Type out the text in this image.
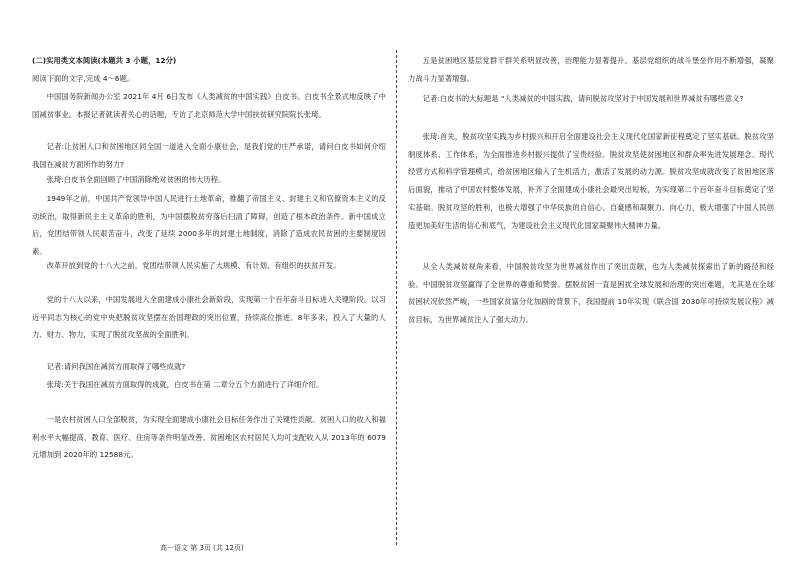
(二)实用类文本阅读(本题共 3 小题，12分)

阅读下面的文字,完成 4～6题。

中国国务院新闻办公室 2021年 4月 6日发布《人类减贫的中国实践》白皮书。白皮书全景式地反映了中国减贫事业。本报记者就读者关心的话题，专访了北京师范大学中国扶贫研究院院长张琦。

记者:让贫困人口和贫困地区同全国一道进入全面小康社会，是我们党的庄严承诺，请问白皮书如何介绍我国在减贫方面所作的努力?

张琦:白皮书全面回顾了中国消除绝对贫困的伟大历程。

1949年之前，中国共产党领导中国人民进行土地革命，推翻了帝国主义、封建主义和官僚资本主义的反动统治，取得新民主主义革命的胜利，为中国摆脱贫穷落后扫清了障碍，创造了根本政治条件。新中国成立后，党团结带领人民艰苦奋斗，改变了延续 2000多年的封建土地制度，消除了造成农民贫困的主要制度因素。

改革开放到党的十八大之前，党团结带领人民实施了大规模、有计划、有组织的扶贫开发。

党的十八大以来，中国发展进入全面建成小康社会新阶段，实现第一个百年奋斗目标进入关键阶段。以习近平同志为核心的党中央把脱贫攻坚摆在治国理政的突出位置，持续高位推进。8年多来，投入了大量的人力、财力、物力，实现了脱贫攻坚战的全面胜利。

记者:请问我国在减贫方面取得了哪些成就?

张琦:关于我国在减贫方面取得的成就，白皮书在第 二章分五个方面进行了详细介绍。

一是农村贫困人口全部脱贫，为实现全面建成小康社会目标任务作出了关键性贡献。贫困人口的收入和福利水平大幅提高，教育、医疗、住房等条件明显改善。贫困地区农村居民人均可支配收入从 2013年的 6079元增加到 2020年的 12588元。

高一语文 第 3页 (共 12页)

五是贫困地区基层党群干群关系明显改善，治理能力显著提升。基层党组织的战斗堡垒作用不断增强，凝聚力战斗力显著增强。

记者:白皮书的大标题是 "人类减贫的中国实践，请问脱贫攻坚对于中国发展和世界减贫有哪些意义?

张琦:首先，脱贫攻坚实践为乡村振兴和开启全面建设社会主义现代化国家新征程奠定了坚实基础。脱贫攻坚制度体系、工作体系，为全面推进乡村振兴提供了宝贵经验。脱贫攻坚使贫困地区和群众率先进发展理念、现代经营方式和科学管理模式，给贫困地区输入了生机活力，激活了发展的动力源。脱贫攻坚成就改变了贫困地区落后面貌，推动了中国农村整体发展，补齐了全面建成小康社会最突出短板，为实现第二个百年奋斗目标奠定了坚实基础。脱贫攻坚的胜利，也极大增强了中华民族的自信心、自豪感和凝聚力、向心力，极大增强了中国人民创造更加美好生活的信心和底气，为建设社会主义现代化国家凝聚伟大精神力量。

从全人类减贫视角来看，中国脱贫攻坚为世界减贫作出了突出贡献，也为人类减贫探索出了新的路径和经验。中国脱贫攻坚赢得了全世界的尊重和赞誉。摆脱贫困一直是困扰全球发展和治理的突出难题，尤其是在全球贫困状况依然严峻，一些国家贫富分化加剧的背景下，我国提前 10年实现《联合国 2030年可持续发展议程》减贫目标，为世界减贫注入了强大动力。
